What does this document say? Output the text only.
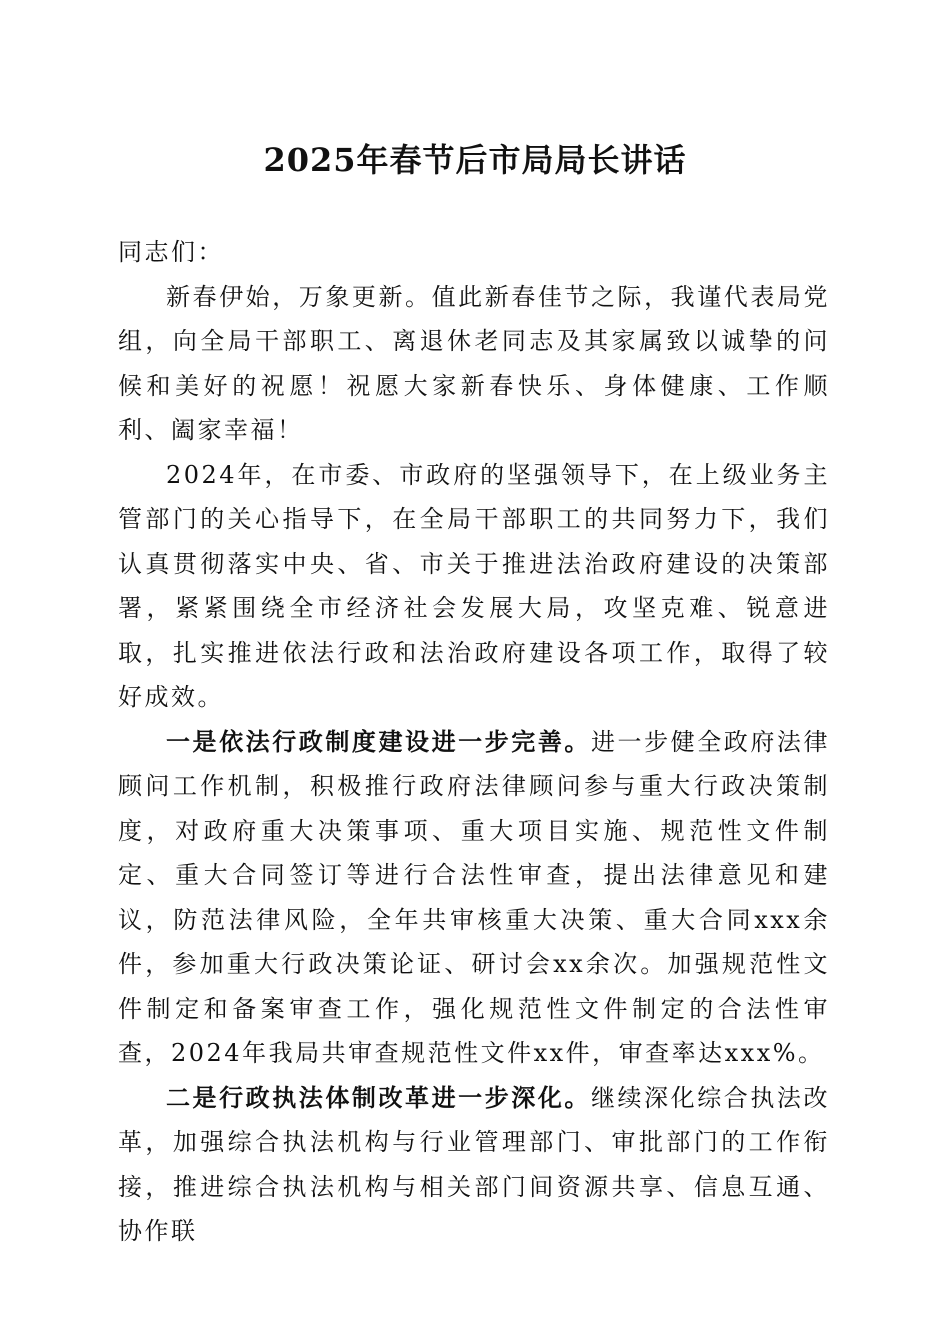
2025年春节后市局局长讲话

同志们：

新春伊始，万象更新。值此新春佳节之际，我谨代表局党组，向全局干部职工、离退休老同志及其家属致以诚挚的问候和美好的祝愿！祝愿大家新春快乐、身体健康、工作顺利、阖家幸福！

2024年，在市委、市政府的坚强领导下，在上级业务主管部门的关心指导下，在全局干部职工的共同努力下，我们认真贯彻落实中央、省、市关于推进法治政府建设的决策部署，紧紧围绕全市经济社会发展大局，攻坚克难、锐意进取，扎实推进依法行政和法治政府建设各项工作，取得了较好成效。

一是依法行政制度建设进一步完善。进一步健全政府法律顾问工作机制，积极推行政府法律顾问参与重大行政决策制度，对政府重大决策事项、重大项目实施、规范性文件制定、重大合同签订等进行合法性审查，提出法律意见和建议，防范法律风险，全年共审核重大决策、重大合同xxx余件，参加重大行政决策论证、研讨会xx余次。加强规范性文件制定和备案审查工作，强化规范性文件制定的合法性审查，2024年我局共审查规范性文件xx件，审查率达xxx%。

二是行政执法体制改革进一步深化。继续深化综合执法改革，加强综合执法机构与行业管理部门、审批部门的工作衔接，推进综合执法机构与相关部门间资源共享、信息互通、协作联
